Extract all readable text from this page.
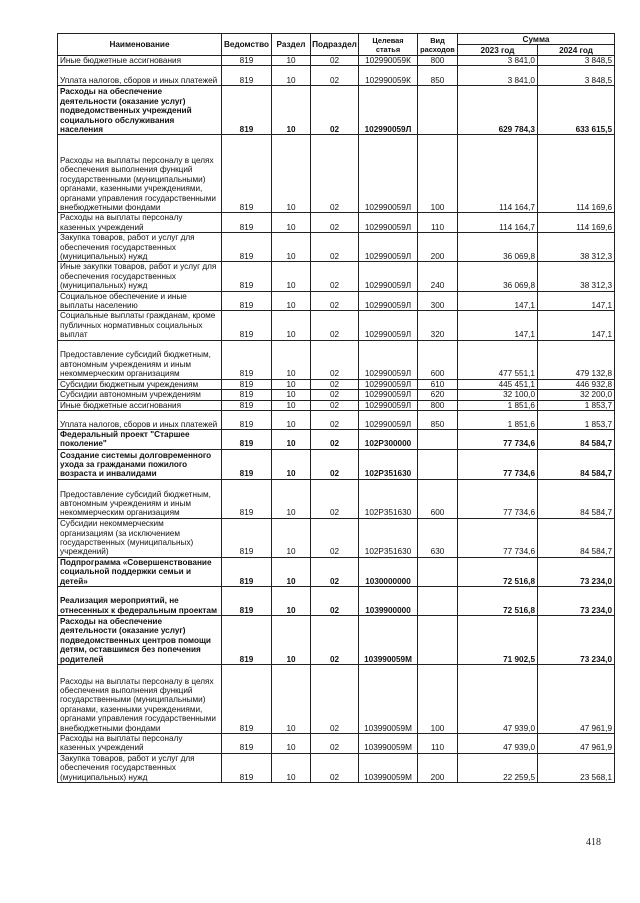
Наименование	Ведомство	Раздел	Подраздел	Целевая статья	Вид расходов	Сумма	
						2023 год	2024 год
Иные бюджетные ассигнования	819	10	02	102990059К	800	3 841,0	3 848,5
Уплата налогов, сборов и иных платежей	819	10	02	102990059К	850	3 841,0	3 848,5
Расходы на обеспечение деятельности (оказание услуг) подведомственных учреждений социального обслуживания населения	819	10	02	102990059Л		629 784,3	633 615,5
Расходы на выплаты персоналу в целях обеспечения выполнения функций государственными (муниципальными) органами, казенными учреждениями, органами управления государственными внебюджетными фондами	819	10	02	102990059Л	100	114 164,7	114 169,6
Расходы на выплаты персоналу казенных учреждений	819	10	02	102990059Л	110	114 164,7	114 169,6
Закупка товаров, работ и услуг для обеспечения государственных (муниципальных) нужд	819	10	02	102990059Л	200	36 069,8	38 312,3
Иные закупки товаров, работ и услуг для обеспечения государственных (муниципальных) нужд	819	10	02	102990059Л	240	36 069,8	38 312,3
Социальное обеспечение и иные выплаты населению	819	10	02	102990059Л	300	147,1	147,1
Социальные выплаты гражданам, кроме публичных нормативных социальных выплат	819	10	02	102990059Л	320	147,1	147,1
Предоставление субсидий бюджетным, автономным учреждениям и иным некоммерческим организациям	819	10	02	102990059Л	600	477 551,1	479 132,8
Субсидии бюджетным учреждениям	819	10	02	102990059Л	610	445 451,1	446 932,8
Субсидии автономным учреждениям	819	10	02	102990059Л	620	32 100,0	32 200,0
Иные бюджетные ассигнования	819	10	02	102990059Л	800	1 851,6	1 853,7
Уплата налогов, сборов и иных платежей	819	10	02	102990059Л	850	1 851,6	1 853,7
Федеральный проект "Старшее поколение"	819	10	02	102P300000		77 734,6	84 584,7
Создание системы долговременного ухода за гражданами пожилого возраста и инвалидами	819	10	02	102P351630		77 734,6	84 584,7
Предоставление субсидий бюджетным, автономным учреждениям и иным некоммерческим организациям	819	10	02	102P351630	600	77 734,6	84 584,7
Субсидии некоммерческим организациям (за исключением государственных (муниципальных) учреждений)	819	10	02	102P351630	630	77 734,6	84 584,7
Подпрограмма «Совершенствование социальной поддержки семьи и детей»	819	10	02	1030000000		72 516,8	73 234,0
Реализация мероприятий, не отнесенных к федеральным проектам	819	10	02	1039900000		72 516,8	73 234,0
Расходы на обеспечение деятельности (оказание услуг) подведомственных центров помощи детям, оставшимся без попечения родителей	819	10	02	103990059М		71 902,5	73 234,0
Расходы на выплаты персоналу в целях обеспечения выполнения функций государственными (муниципальными) органами, казенными учреждениями, органами управления государственными внебюджетными фондами	819	10	02	103990059М	100	47 939,0	47 961,9
Расходы на выплаты персоналу казенных учреждений	819	10	02	103990059М	110	47 939,0	47 961,9
Закупка товаров, работ и услуг для обеспечения государственных (муниципальных) нужд	819	10	02	103990059М	200	22 259,5	23 568,1
418
